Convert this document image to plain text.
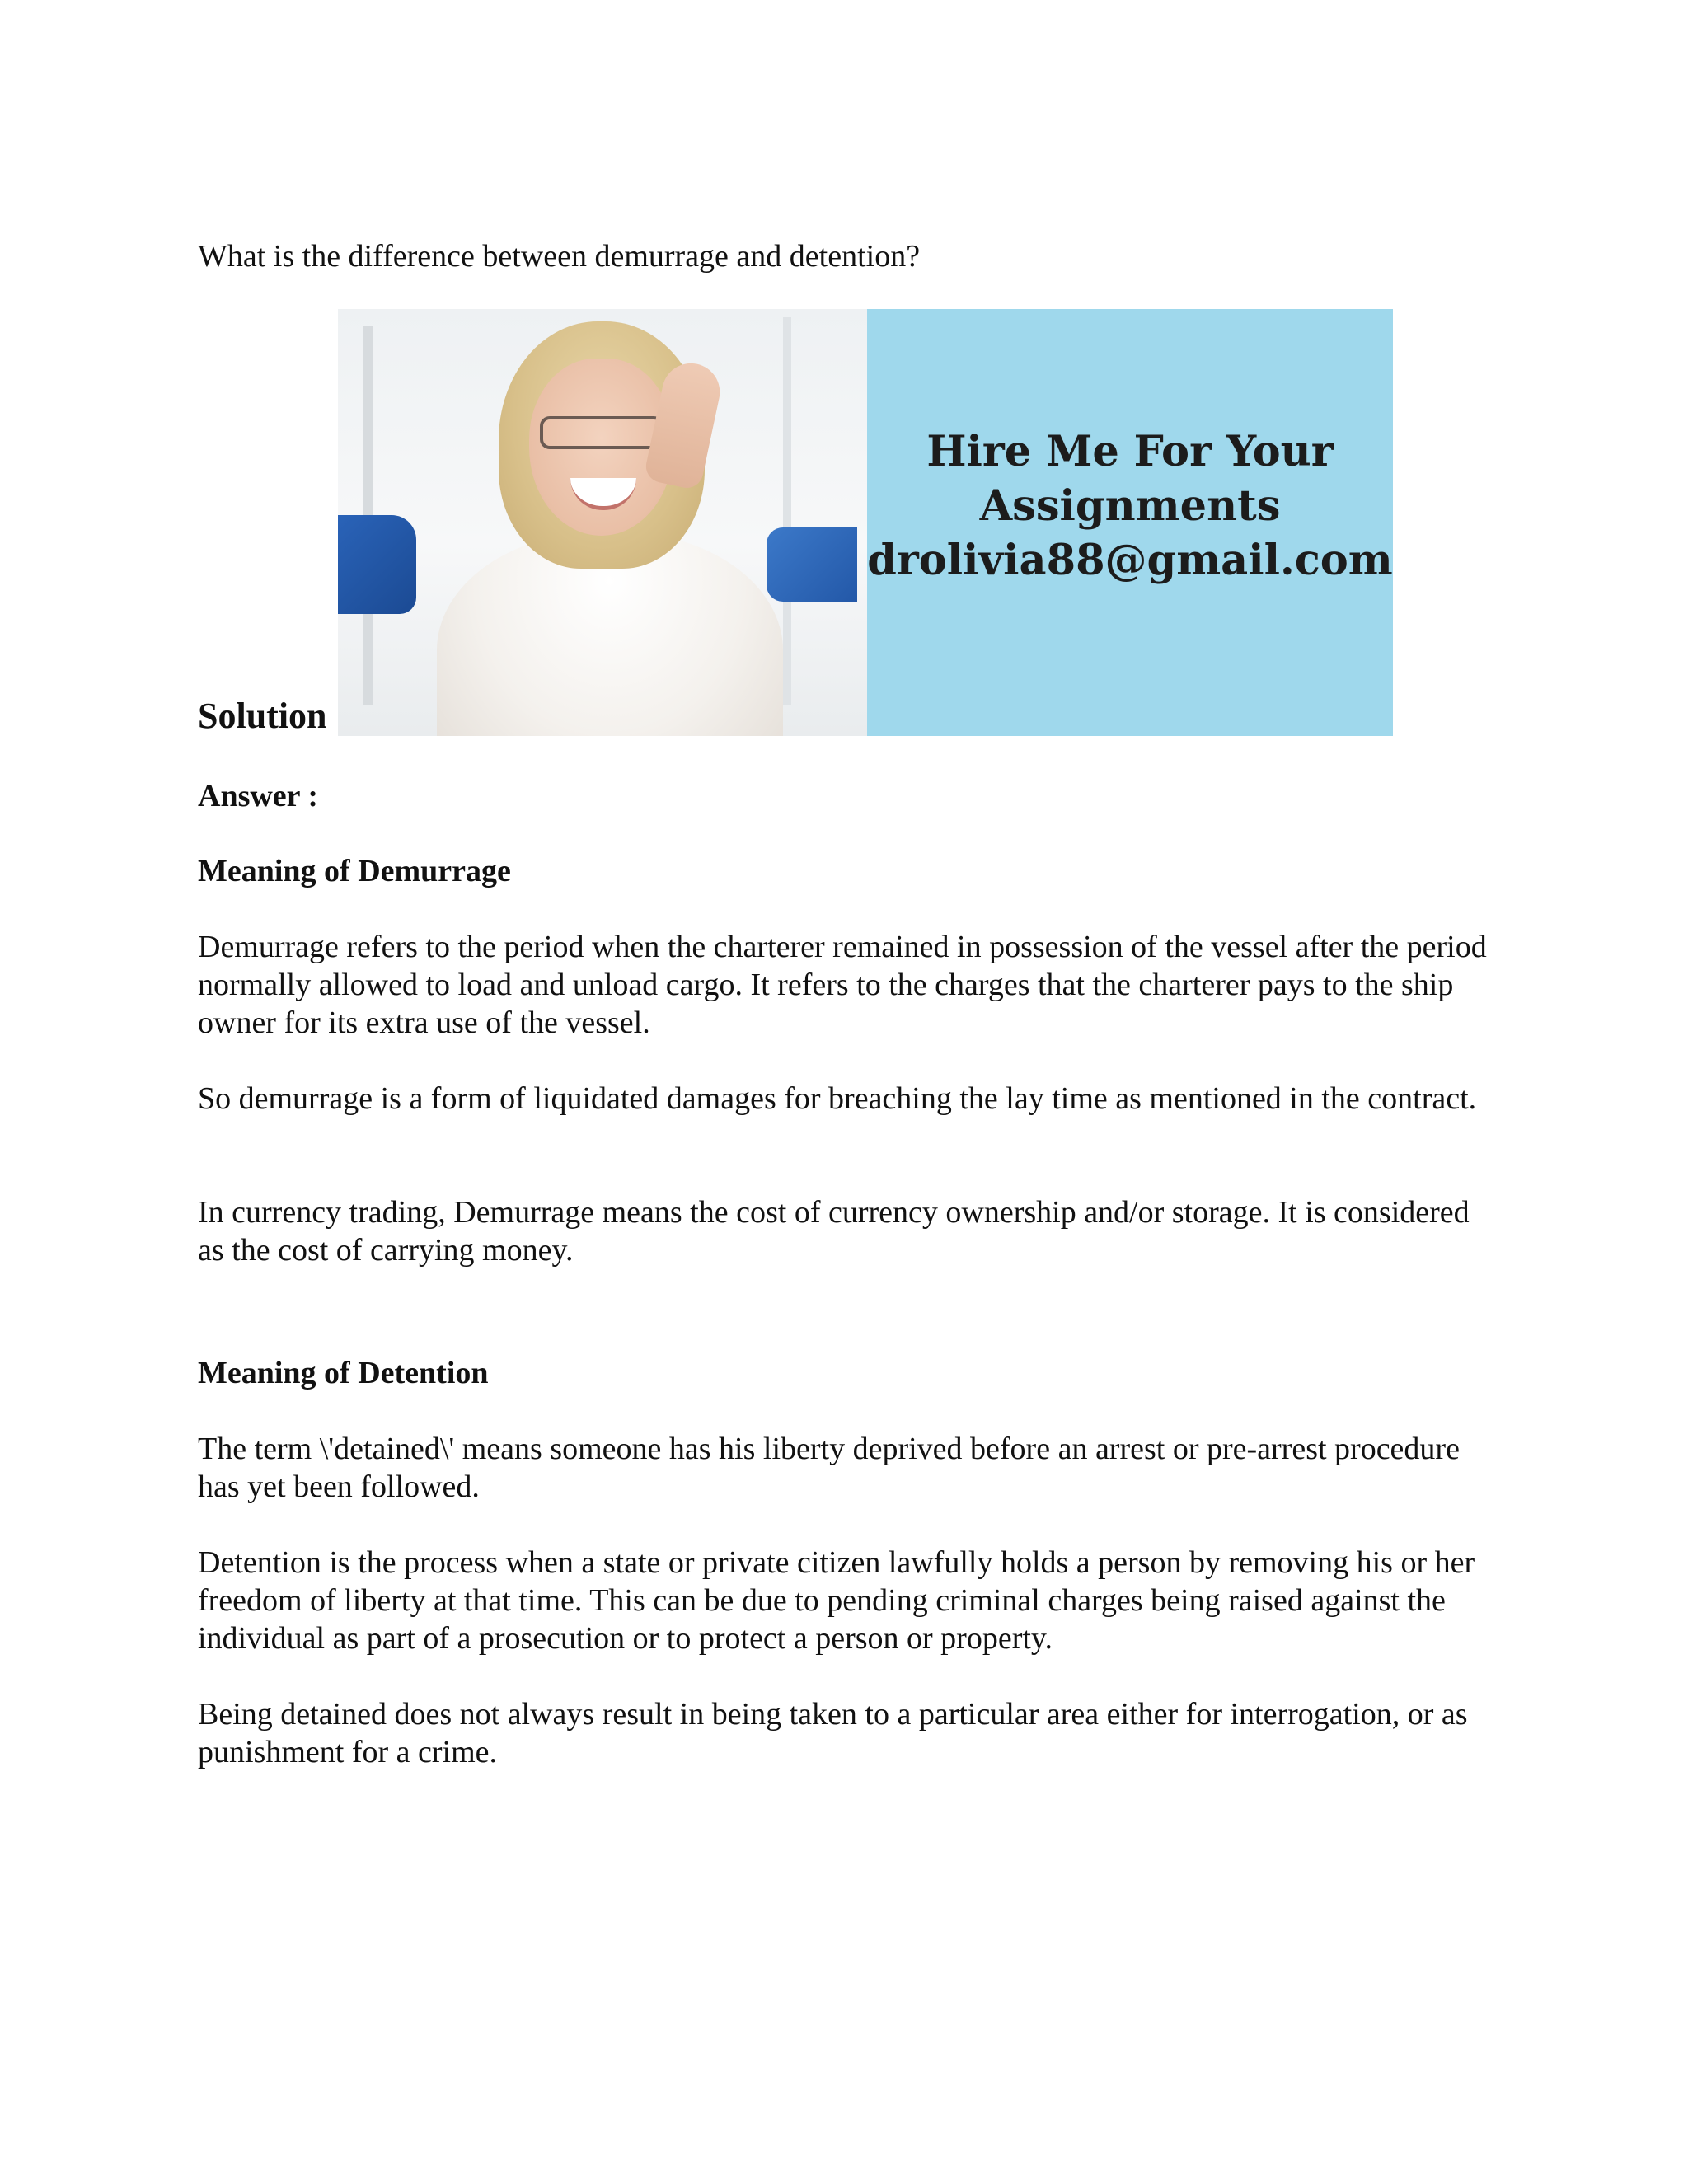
What is the difference between demurrage and detention?
Solution
Hire Me For Your
Assignments
drolivia88@gmail.com
Answer :
Meaning of Demurrage

Demurrage refers to the period when the charterer remained in possession of the vessel after the period normally allowed to load and unload cargo. It refers to the charges that the charterer pays to the ship owner for its extra use of the vessel.

So demurrage is a form of liquidated damages for breaching the lay time as mentioned in the contract.

In currency trading, Demurrage means the cost of currency ownership and/or storage. It is considered as the cost of carrying money.

Meaning of Detention

The term \'detained\' means someone has his liberty deprived before an arrest or pre-arrest procedure has yet been followed.

Detention is the process when a state or private citizen lawfully holds a person by removing his or her freedom of liberty at that time. This can be due to pending criminal charges being raised against the individual as part of a prosecution or to protect a person or property.

Being detained does not always result in being taken to a particular area either for interrogation, or as punishment for a crime.
